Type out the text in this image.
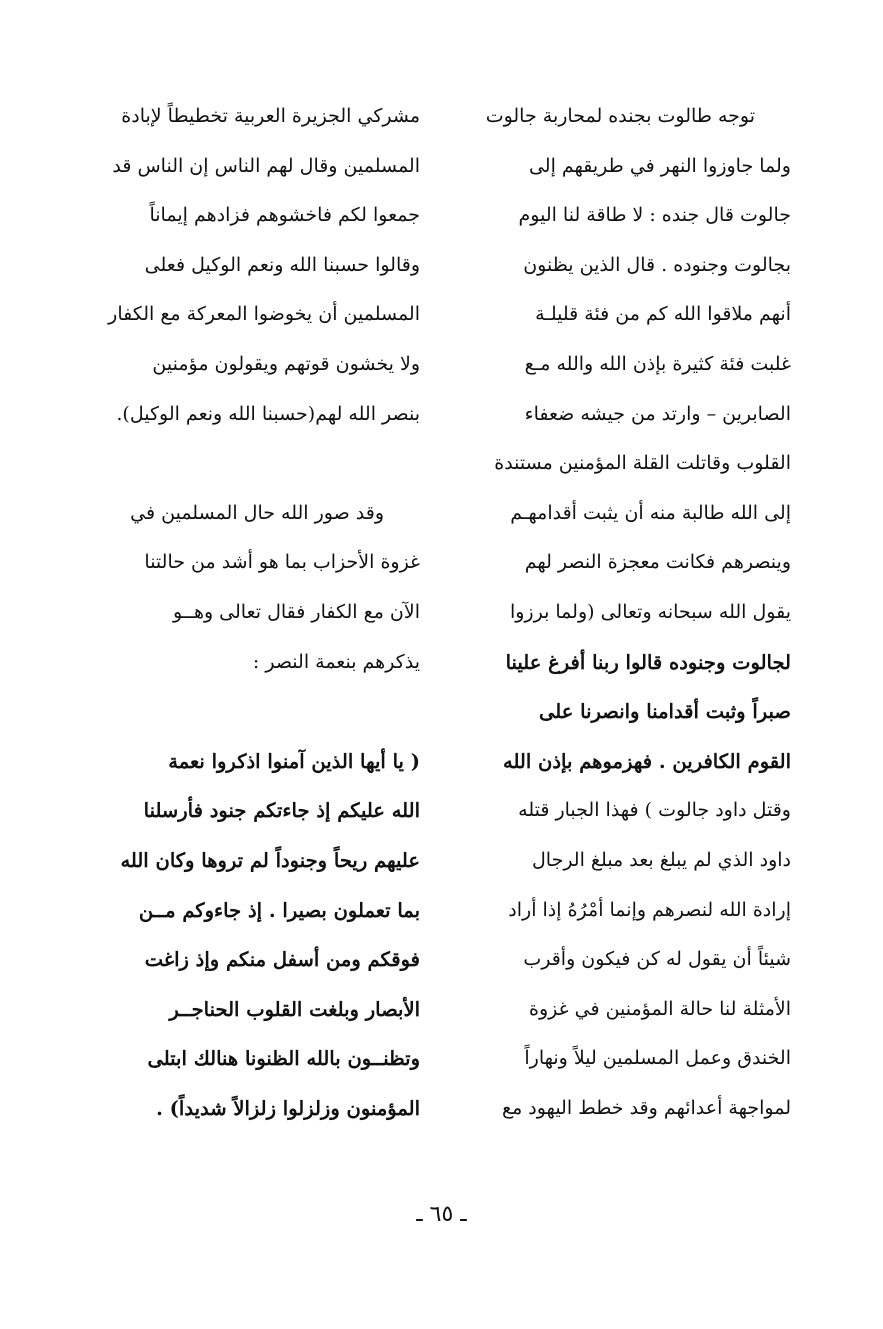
توجه طالوت بجنده لمحاربة جالوت
ولما جاوزوا النهر في طريقهم إلى
جالوت قال جنده : لا طاقة لنا اليوم
بجالوت وجنوده . قال الذين يظنون
أنهم ملاقوا الله كم من فئة قليلـة
غلبت فئة كثيرة بإذن الله والله مـع
الصابرين – وارتد من جيشه ضعفاء
القلوب وقاتلت القلة المؤمنين مستندة
إلى الله طالبة منه أن يثبت أقدامهـم
وينصرهم فكانت معجزة النصر لهم
يقول الله سبحانه وتعالى (ولما برزوا
لجالوت وجنوده قالوا ربنا أفرغ علينا
صبراً وثبت أقدامنا وانصرنا على
القوم الكافرين . فهزموهم بإذن الله
وقتل داود جالوت ) فهذا الجبار قتله
داود الذي لم يبلغ بعد مبلغ الرجال
إرادة الله لنصرهم وإنما أمْرُهُ إذا أراد
شيئاً أن يقول له كن فيكون وأقرب
الأمثلة لنا حالة المؤمنين في غزوة
الخندق وعمل المسلمين ليلاً ونهاراً
لمواجهة أعدائهم وقد خطط اليهود مع
مشركي الجزيرة العربية تخطيطاً لإبادة
المسلمين وقال لهم الناس إن الناس قد
جمعوا لكم فاخشوهم فزادهم إيماناً
وقالوا حسبنا الله ونعم الوكيل فعلى
المسلمين أن يخوضوا المعركة مع الكفار
ولا يخشون قوتهم ويقولون مؤمنين
بنصر الله لهم(حسبنا الله ونعم الوكيل).
وقد صور الله حال المسلمين في
غزوة الأحزاب بما هو أشد من حالتنا
الآن مع الكفار فقال تعالى وهــو
يذكرهم بنعمة النصر :
( يا أيها الذين آمنوا اذكروا نعمة
الله عليكم إذ جاءتكم جنود فأرسلنا
عليهم ريحاً وجنوداً لم تروها وكان الله
بما تعملون بصيرا . إذ جاءوكم مــن
فوقكم ومن أسفل منكم وإذ زاغت
الأبصار وبلغت القلوب الحناجــر
وتظنــون بالله الظنونا هنالك ابتلى
المؤمنون وزلزلوا زلزالاً شديداً) .
ـ ٦٥ ـ
